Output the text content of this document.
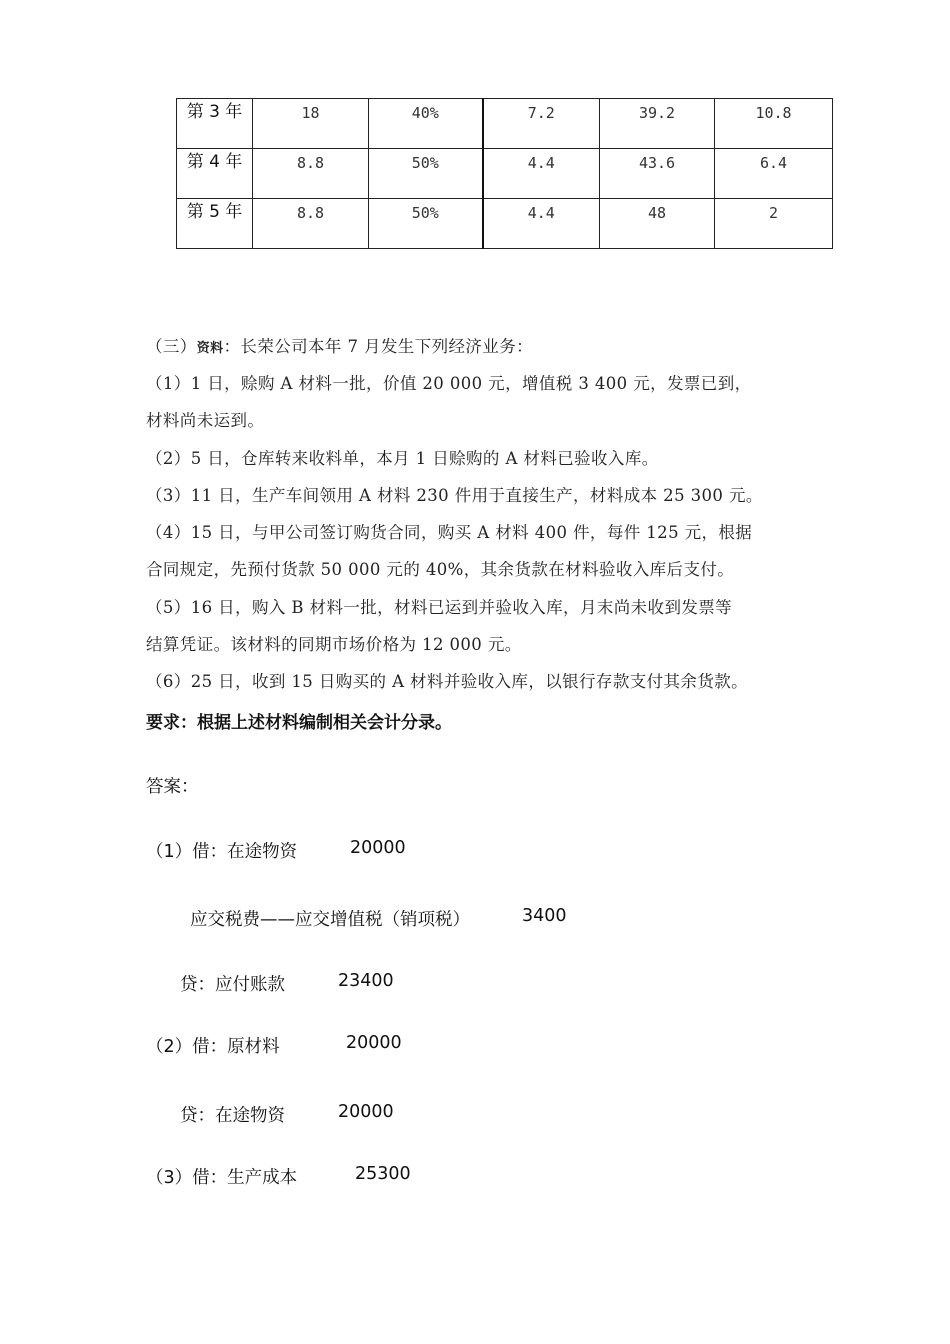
第 3 年	18	40%	7.2	39.2	10.8

第 4 年	8.8	50%	4.4	43.6	6.4

第 5 年	8.8	50%	4.4	48	2
（三）资料：长荣公司本年 7 月发生下列经济业务：
（1）1 日，赊购 A 材料一批，价值 20 000 元，增值税 3 400 元，发票已到，
材料尚未运到。
（2）5 日，仓库转来收料单，本月 1 日赊购的 A 材料已验收入库。
（3）11 日，生产车间领用 A 材料 230 件用于直接生产，材料成本 25 300 元。
（4）15 日，与甲公司签订购货合同，购买 A 材料 400 件，每件 125 元，根据
合同规定，先预付货款 50 000 元的 40%，其余货款在材料验收入库后支付。
（5）16 日，购入 B 材料一批，材料已运到并验收入库，月末尚未收到发票等
结算凭证。该材料的同期市场价格为 12 000 元。
（6）25 日，收到 15 日购买的 A 材料并验收入库，以银行存款支付其余货款。
要求：根据上述材料编制相关会计分录。
答案：
（1）借：在途物资	20000
应交税费——应交增值税（销项税）	3400
贷：应付账款	23400
（2）借：原材料	20000
贷：在途物资	20000
（3）借：生产成本	25300
